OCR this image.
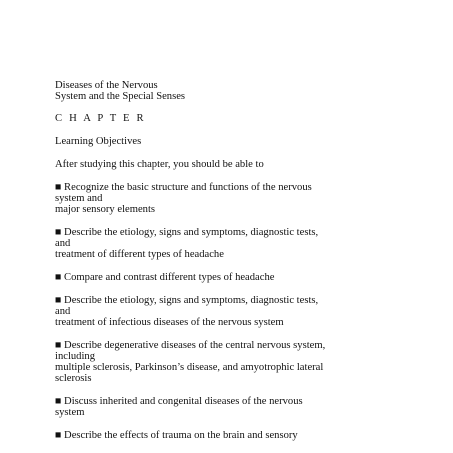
Diseases of the Nervous
System and the Special Senses
C H A P T E R
Learning Objectives
After studying this chapter, you should be able to
■ Recognize the basic structure and functions of the nervous
system and
major sensory elements
■ Describe the etiology, signs and symptoms, diagnostic tests,
and
treatment of different types of headache
■ Compare and contrast different types of headache
■ Describe the etiology, signs and symptoms, diagnostic tests,
and
treatment of infectious diseases of the nervous system
■ Describe degenerative diseases of the central nervous system,
including
multiple sclerosis, Parkinson’s disease, and amyotrophic lateral
sclerosis
■ Discuss inherited and congenital diseases of the nervous
system
■ Describe the effects of trauma on the brain and sensory
